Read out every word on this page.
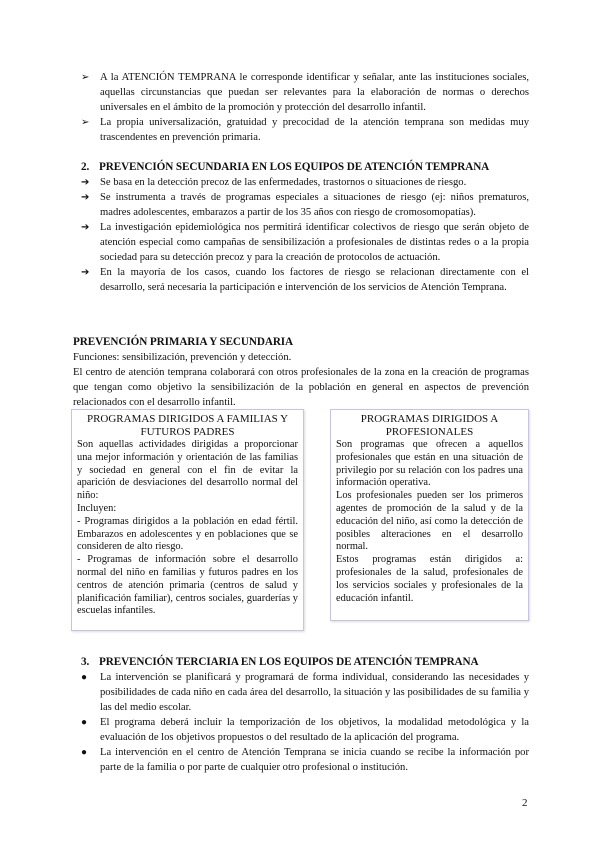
➢ A la ATENCIÓN TEMPRANA le corresponde identificar y señalar, ante las instituciones sociales, aquellas circunstancias que puedan ser relevantes para la elaboración de normas o derechos universales en el ámbito de la promoción y protección del desarrollo infantil.
➢ La propia universalización, gratuidad y precocidad de la atención temprana son medidas muy trascendentes en prevención primaria.
2. PREVENCIÓN SECUNDARIA EN LOS EQUIPOS DE ATENCIÓN TEMPRANA
➔ Se basa en la detección precoz de las enfermedades, trastornos o situaciones de riesgo.
➔ Se instrumenta a través de programas especiales a situaciones de riesgo (ej: niños prematuros, madres adolescentes, embarazos a partir de los 35 años con riesgo de cromosomopatías).
➔ La investigación epidemiológica nos permitirá identificar colectivos de riesgo que serán objeto de atención especial como campañas de sensibilización a profesionales de distintas redes o a la propia sociedad para su detección precoz y para la creación de protocolos de actuación.
➔ En la mayoría de los casos, cuando los factores de riesgo se relacionan directamente con el desarrollo, será necesaria la participación e intervención de los servicios de Atención Temprana.
PREVENCIÓN PRIMARIA Y SECUNDARIA

Funciones: sensibilización, prevención y detección.

El centro de atención temprana colaborará con otros profesionales de la zona en la creación de programas que tengan como objetivo la sensibilización de la población en general en aspectos de prevención relacionados con el desarrollo infantil.

PROGRAMAS DIRIGIDOS A FAMILIAS Y FUTUROS PADRES

Son aquellas actividades dirigidas a proporcionar una mejor información y orientación de las familias y sociedad en general con el fin de evitar la aparición de desviaciones del desarrollo normal del niño:

Incluyen:

- Programas dirigidos a la población en edad fértil. Embarazos en adolescentes y en poblaciones que se consideren de alto riesgo.

- Programas de información sobre el desarrollo normal del niño en familias y futuros padres en los centros de atención primaria (centros de salud y planificación familiar), centros sociales, guarderías y escuelas infantiles.

PROGRAMAS DIRIGIDOS A PROFESIONALES

Son programas que ofrecen a aquellos profesionales que están en una situación de privilegio por su relación con los padres una información operativa.

Los profesionales pueden ser los primeros agentes de promoción de la salud y de la educación del niño, así como la detección de posibles alteraciones en el desarrollo normal.

Estos programas están dirigidos a: profesionales de la salud, profesionales de los servicios sociales y profesionales de la educación infantil.

3. PREVENCIÓN TERCIARIA EN LOS EQUIPOS DE ATENCIÓN TEMPRANA
● La intervención se planificará y programará de forma individual, considerando las necesidades y posibilidades de cada niño en cada área del desarrollo, la situación y las posibilidades de su familia y las del medio escolar.
● El programa deberá incluir la temporización de los objetivos, la modalidad metodológica y la evaluación de los objetivos propuestos o del resultado de la aplicación del programa.
● La intervención en el centro de Atención Temprana se inicia cuando se recibe la información por parte de la familia o por parte de cualquier otro profesional o institución.
2
